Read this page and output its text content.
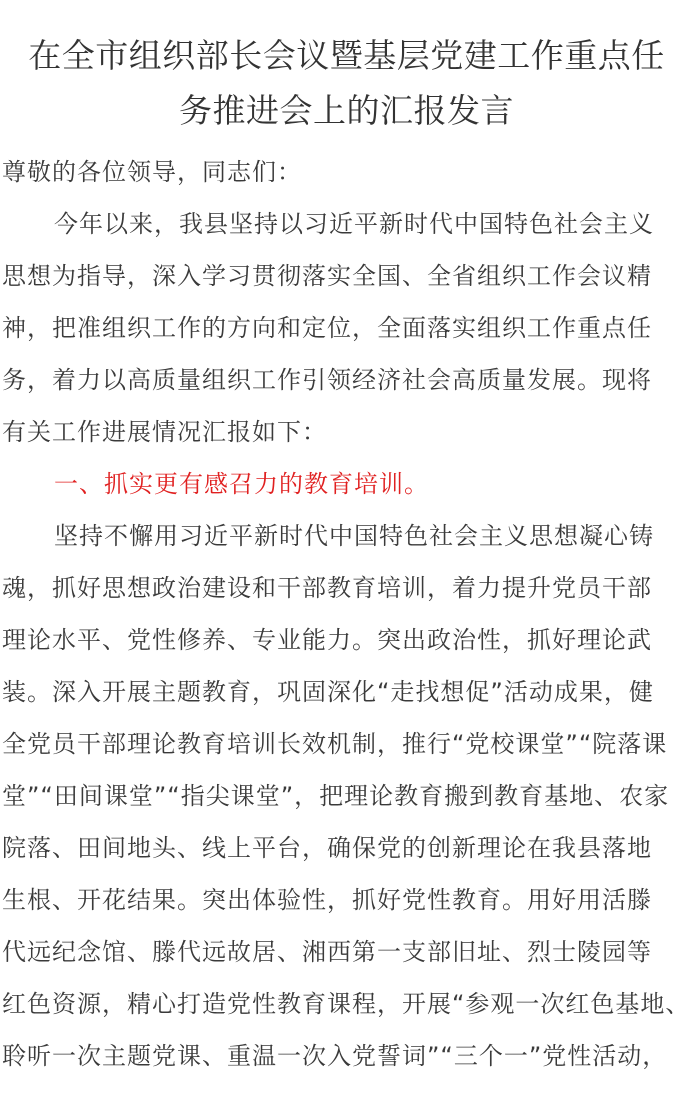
在全市组织部长会议暨基层党建工作重点任
务推进会上的汇报发言
尊敬的各位领导，同志们：
今年以来，我县坚持以习近平新时代中国特色社会主义
思想为指导，深入学习贯彻落实全国、全省组织工作会议精
神，把准组织工作的方向和定位，全面落实组织工作重点任
务，着力以高质量组织工作引领经济社会高质量发展。现将
有关工作进展情况汇报如下：
一、抓实更有感召力的教育培训。
坚持不懈用习近平新时代中国特色社会主义思想凝心铸
魂，抓好思想政治建设和干部教育培训，着力提升党员干部
理论水平、党性修养、专业能力。突出政治性，抓好理论武
装。深入开展主题教育，巩固深化“走找想促”活动成果，健
全党员干部理论教育培训长效机制，推行“党校课堂”“院落课
堂”“田间课堂”“指尖课堂”，把理论教育搬到教育基地、农家
院落、田间地头、线上平台，确保党的创新理论在我县落地
生根、开花结果。突出体验性，抓好党性教育。用好用活滕
代远纪念馆、滕代远故居、湘西第一支部旧址、烈士陵园等
红色资源，精心打造党性教育课程，开展“参观一次红色基地、
聆听一次主题党课、重温一次入党誓词”“三个一”党性活动，
